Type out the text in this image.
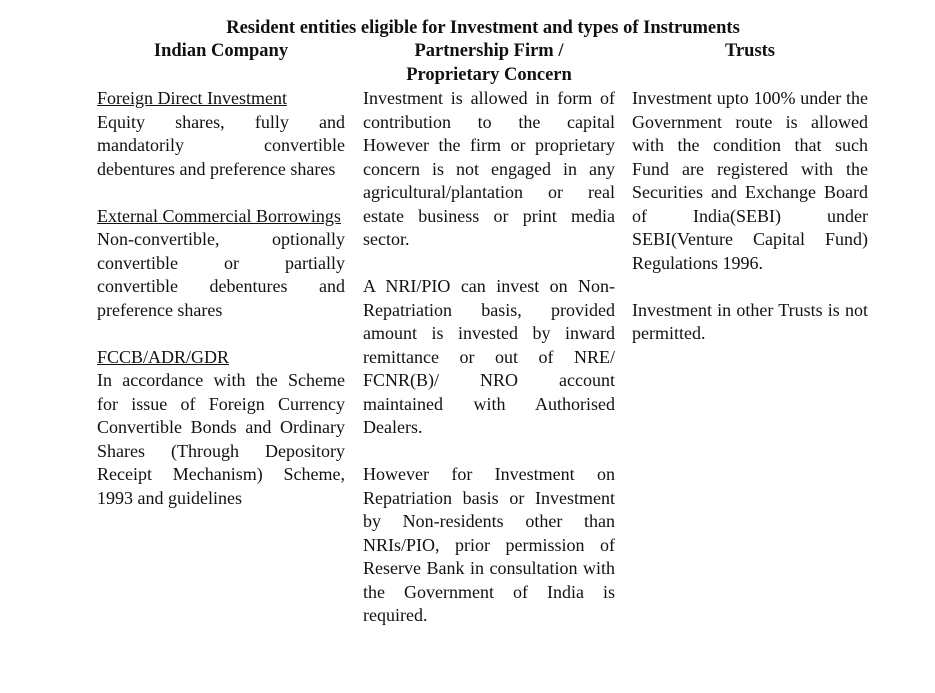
Resident entities eligible for Investment and types of Instruments
Indian Company	Partnership Firm /
Proprietary Concern
Trusts
Foreign Direct Investment
Equity shares, fully and mandatorily convertible debentures and preference shares
External Commercial Borrowings
Non-convertible, optionally convertible or partially convertible debentures and preference shares
FCCB/ADR/GDR
In accordance with the Scheme for issue of Foreign Currency Convertible Bonds and Ordinary Shares (Through Depository Receipt Mechanism) Scheme, 1993 and guidelines

Investment is allowed in form of contribution to the capital However the firm or proprietary concern is not engaged in any agricultural/plantation or real estate business or print media sector.

A NRI/PIO can invest on Non-Repatriation basis, provided amount is invested by inward remittance or out of NRE/ FCNR(B)/ NRO account maintained with Authorised Dealers.

However for Investment on Repatriation basis or Investment by Non-residents other than NRIs/PIO, prior permission of Reserve Bank in consultation with the Government of India is required.

Investment upto 100% under the Government route is allowed with the condition that such Fund are registered with the Securities and Exchange Board of India(SEBI) under SEBI(Venture Capital Fund) Regulations 1996.

Investment in other Trusts is not permitted.
